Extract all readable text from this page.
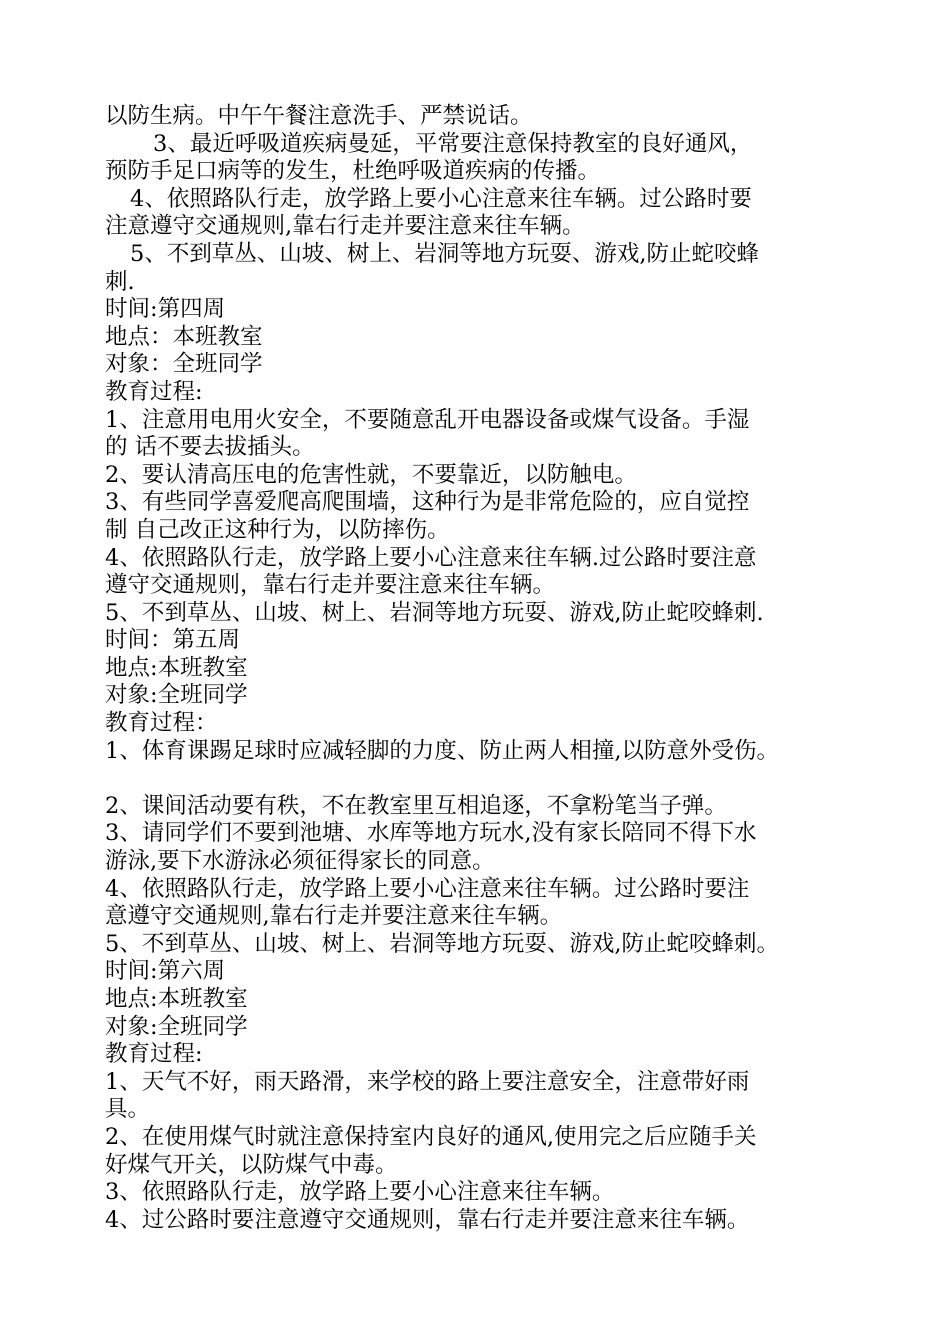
以防生病。中午午餐注意洗手、严禁说话。
3、最近呼吸道疾病曼延，平常要注意保持教室的良好通风，
预防手足口病等的发生，杜绝呼吸道疾病的传播。
4、依照路队行走，放学路上要小心注意来往车辆。过公路时要
注意遵守交通规则,靠右行走并要注意来往车辆。
5、不到草丛、山坡、树上、岩洞等地方玩耍、游戏,防止蛇咬蜂
刺.
时间:第四周
地点：本班教室
对象：全班同学
教育过程:
1、注意用电用火安全，不要随意乱开电器设备或煤气设备。手湿
的 话不要去拔插头。
2、要认清高压电的危害性就，不要靠近，以防触电。
3、有些同学喜爱爬高爬围墙，这种行为是非常危险的，应自觉控
制 自己改正这种行为，以防摔伤。
4、依照路队行走，放学路上要小心注意来往车辆.过公路时要注意
遵守交通规则，靠右行走并要注意来往车辆。
5、不到草丛、山坡、树上、岩洞等地方玩耍、游戏,防止蛇咬蜂刺.
时间：第五周
地点:本班教室
对象:全班同学
教育过程：
1、体育课踢足球时应减轻脚的力度、防止两人相撞,以防意外受伤。
2、课间活动要有秩，不在教室里互相追逐，不拿粉笔当子弹。
3、请同学们不要到池塘、水库等地方玩水,没有家长陪同不得下水
游泳,要下水游泳必须征得家长的同意。
4、依照路队行走，放学路上要小心注意来往车辆。过公路时要注
意遵守交通规则,靠右行走并要注意来往车辆。
5、不到草丛、山坡、树上、岩洞等地方玩耍、游戏,防止蛇咬蜂刺。
时间:第六周
地点:本班教室
对象:全班同学
教育过程:
1、天气不好，雨天路滑，来学校的路上要注意安全，注意带好雨
具。
2、在使用煤气时就注意保持室内良好的通风,使用完之后应随手关
好煤气开关，以防煤气中毒。
3、依照路队行走，放学路上要小心注意来往车辆。
4、过公路时要注意遵守交通规则，靠右行走并要注意来往车辆。
